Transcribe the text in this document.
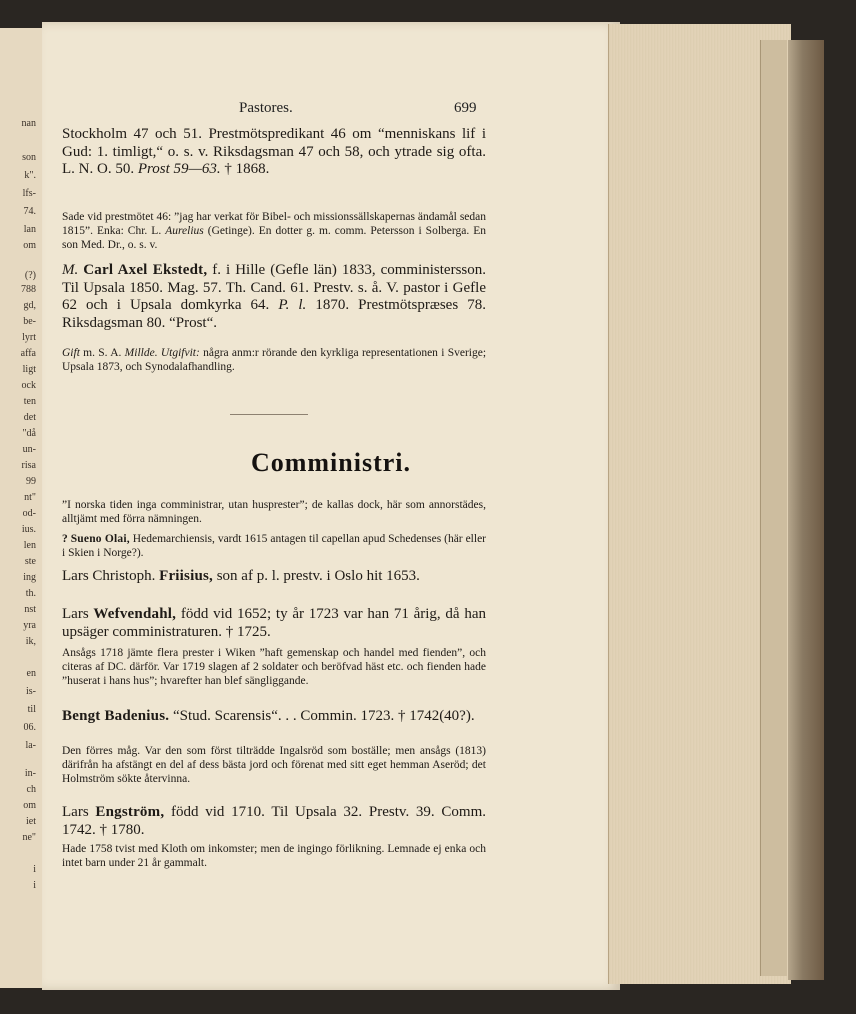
nan
son
k".
lfs-
74.
lan
om
(?)
788
gd,
be-
lyrt
affa
ligt
ock
ten
det
"då
un-
risa
99
nt"
od-
ius.
len
ste
ing
th.
nst
yra
ik,
en
is-
til
06.
la-
in-
ch
om
iet
ne"
i
i
Pastores.	699
Stockholm 47 och 51. Prestmötspredikant 46 om “menniskans lif i Gud: 1. timligt,“ o. s. v. Riksdagsman 47 och 58, och ytrade sig ofta. L. N. O. 50. Prost 59—63. † 1868.
Sade vid prestmötet 46: ”jag har verkat för Bibel- och missionssällskapernas ändamål sedan 1815”. Enka: Chr. L. Aurelius (Getinge). En dotter g. m. comm. Petersson i Solberga. En son Med. Dr., o. s. v.
M. Carl Axel Ekstedt, f. i Hille (Gefle län) 1833, comministersson. Til Upsala 1850. Mag. 57. Th. Cand. 61. Prestv. s. å. V. pastor i Gefle 62 och i Upsala domkyrka 64. P. l. 1870. Prestmötspræses 78. Riksdagsman 80. “Prost“.
Gift m. S. A. Millde. Utgifvit: några anm:r rörande den kyrkliga representationen i Sverige; Upsala 1873, och Synodalafhandling.
Comministri.
”I norska tiden inga comministrar, utan husprester”; de kallas dock, här som annorstädes, alltjämt med förra nämningen.
? Sueno Olai, Hedemarchiensis, vardt 1615 antagen til capellan apud Schedenses (här eller i Skien i Norge?).
Lars Christoph. Friisius, son af p. l. prestv. i Oslo hit 1653.
Lars Wefvendahl, född vid 1652; ty år 1723 var han 71 årig, då han upsäger comministraturen. † 1725.
Ansågs 1718 jämte flera prester i Wiken ”haft gemenskap och handel med fienden”, och citeras af DC. därför. Var 1719 slagen af 2 soldater och beröfvad häst etc. och fienden hade ”huserat i hans hus”; hvarefter han blef sängliggande.
Bengt Badenius. “Stud. Scarensis“. . . Commin. 1723. † 1742(40?).
Den förres måg. Var den som först tilträdde Ingalsröd som boställe; men ansågs (1813) därifrån ha afstängt en del af dess bästa jord och förenat med sitt eget hemman Aseröd; det Holmström sökte återvinna.
Lars Engström, född vid 1710. Til Upsala 32. Prestv. 39. Comm. 1742. † 1780.
Hade 1758 tvist med Kloth om inkomster; men de ingingo förlikning. Lemnade ej enka och intet barn under 21 år gammalt.
